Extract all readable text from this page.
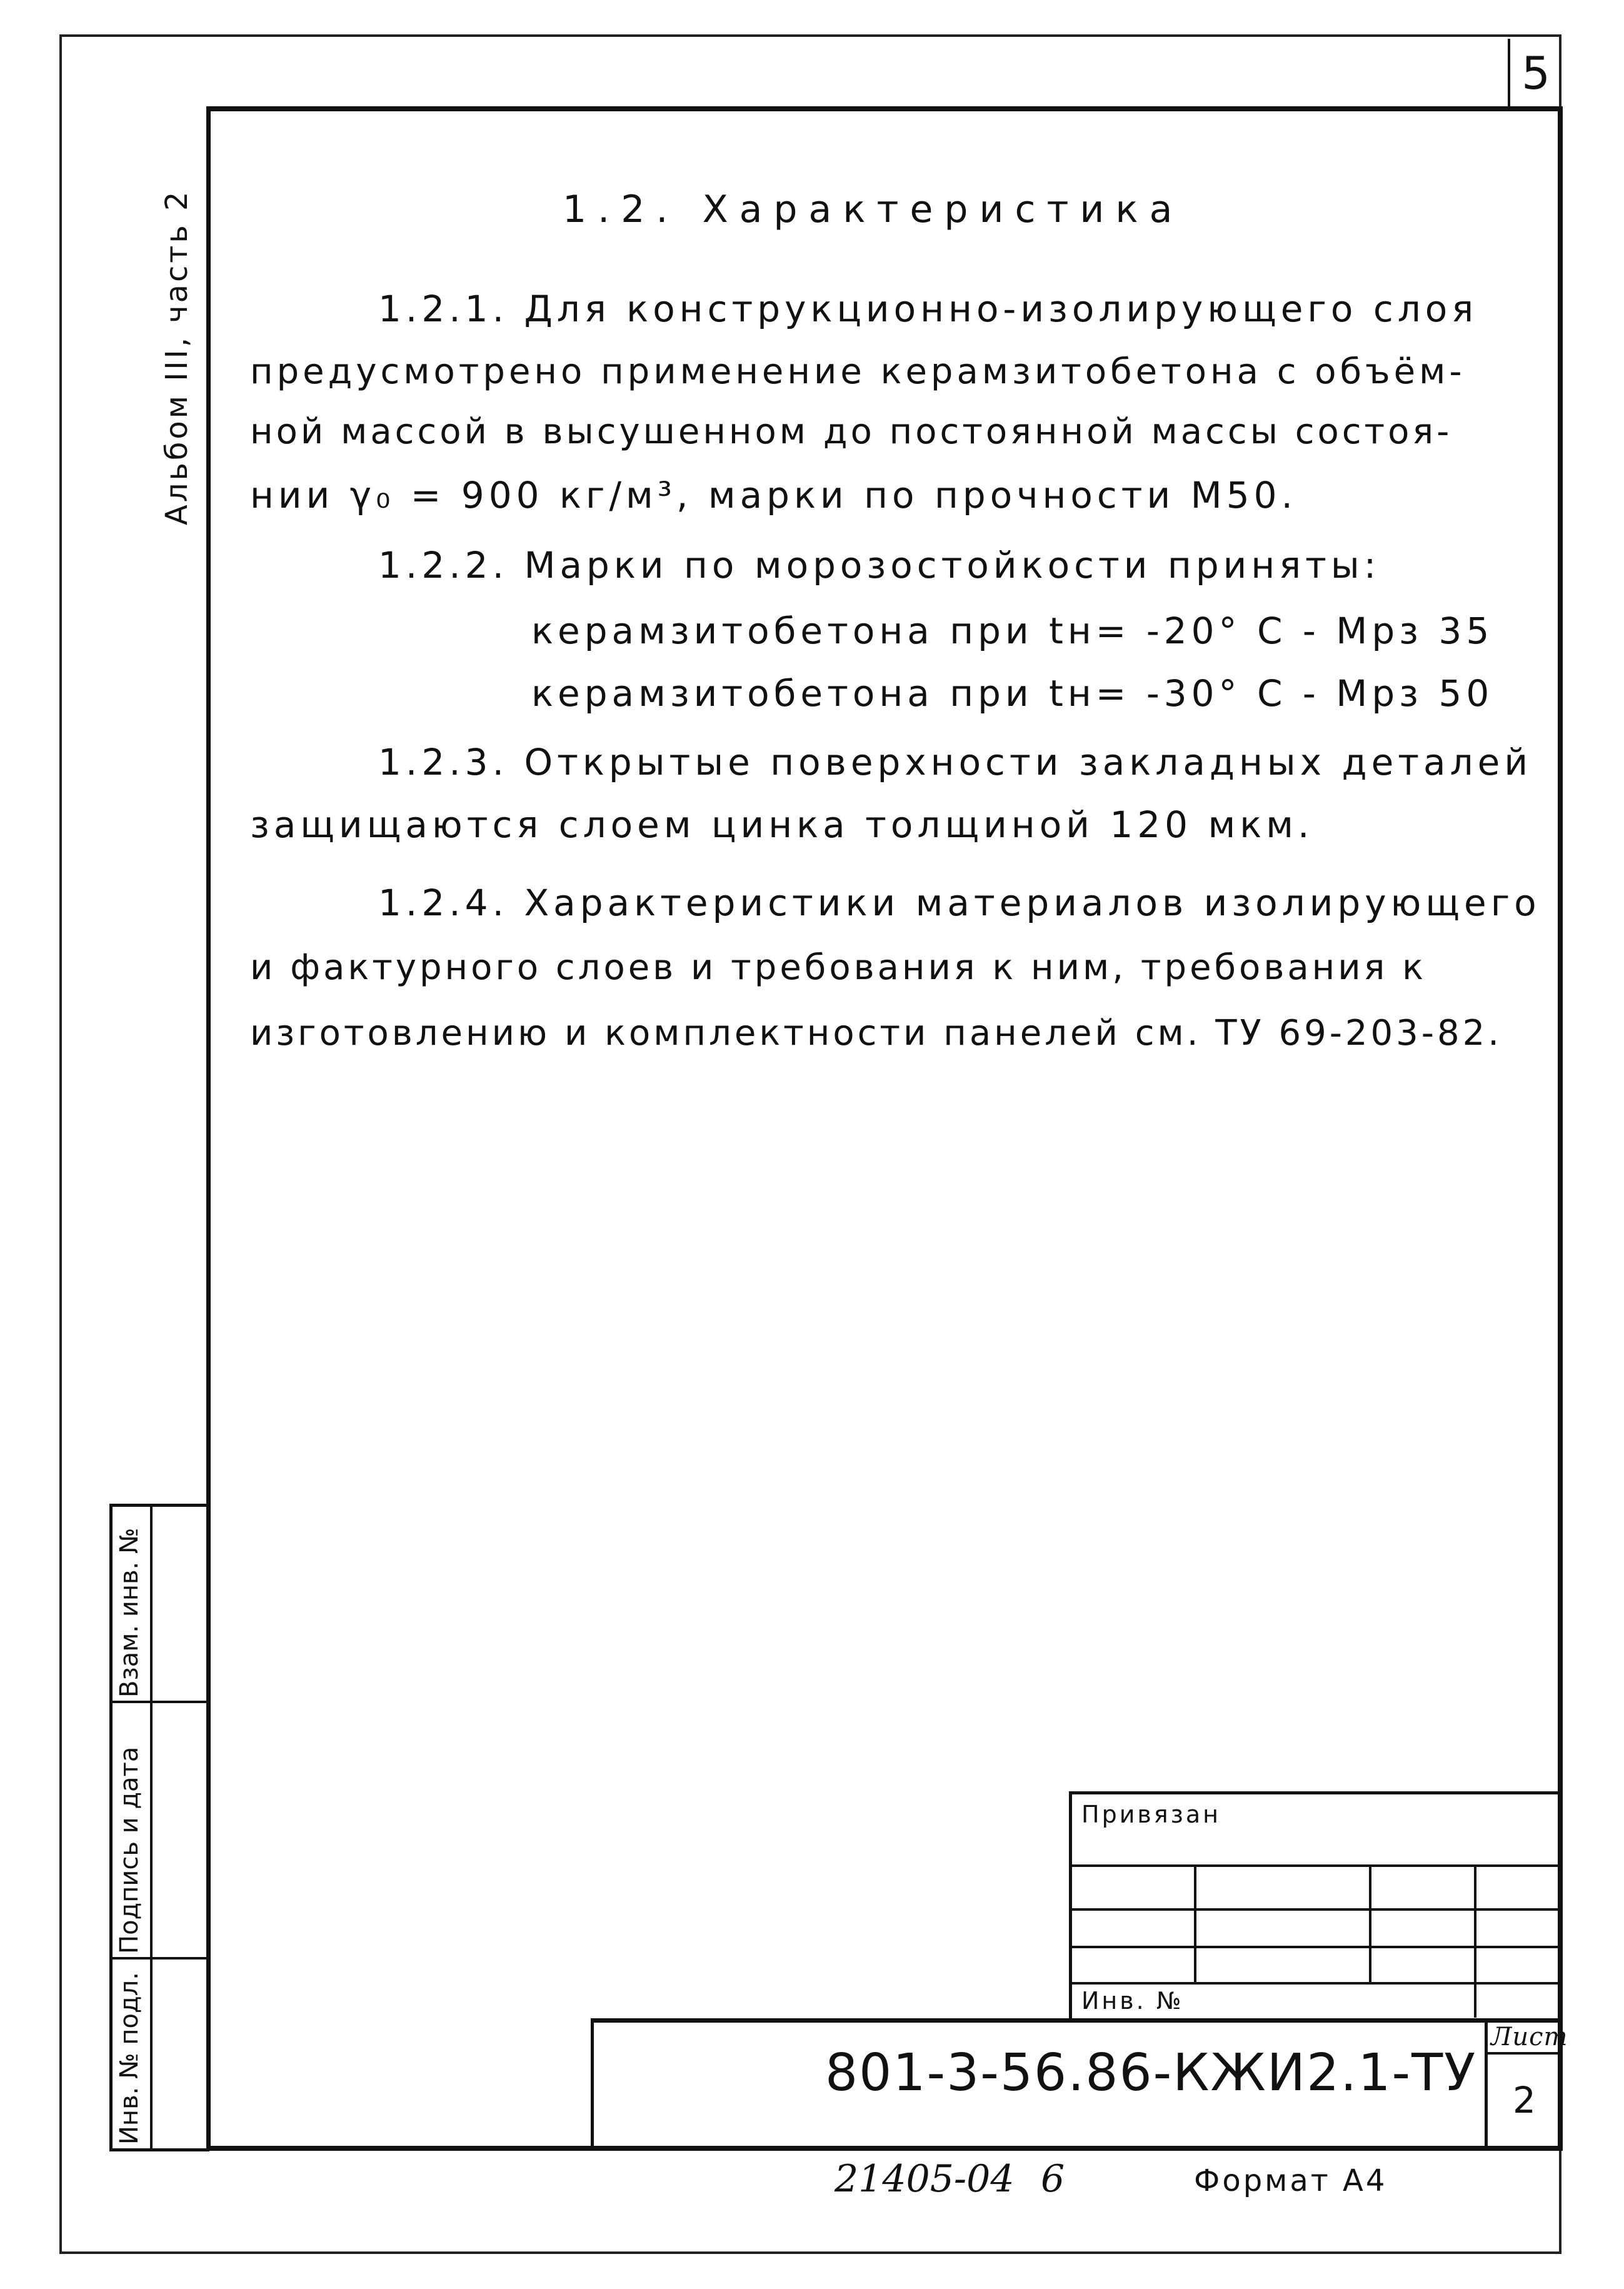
5
Альбом III, часть 2	1.2. Характеристика
1.2.1. Для конструкционно-изолирующего слоя
предусмотрено применение керамзитобетона с объём-
ной массой в высушенном до постоянной массы состоя-
нии γ₀ = 900 кг/м³, марки по прочности М50.
1.2.2. Марки по морозостойкости приняты:
керамзитобетона при tн= -20° С - Мрз 35
керамзитобетона при tн= -30° С - Мрз 50
1.2.3. Открытые поверхности закладных деталей
защищаются слоем цинка толщиной 120 мкм.
1.2.4. Характеристики материалов изолирующего
и фактурного слоев и требования к ним, требования к
изготовлению и комплектности панелей см. ТУ 69-203-82.
Взам. инв. №
Подпись и дата
Инв. № подл.
Привязан
Инв. №
801-3-56.86-КЖИ2.1-ТУ
Лист
2
21405-04 6	Формат А4
